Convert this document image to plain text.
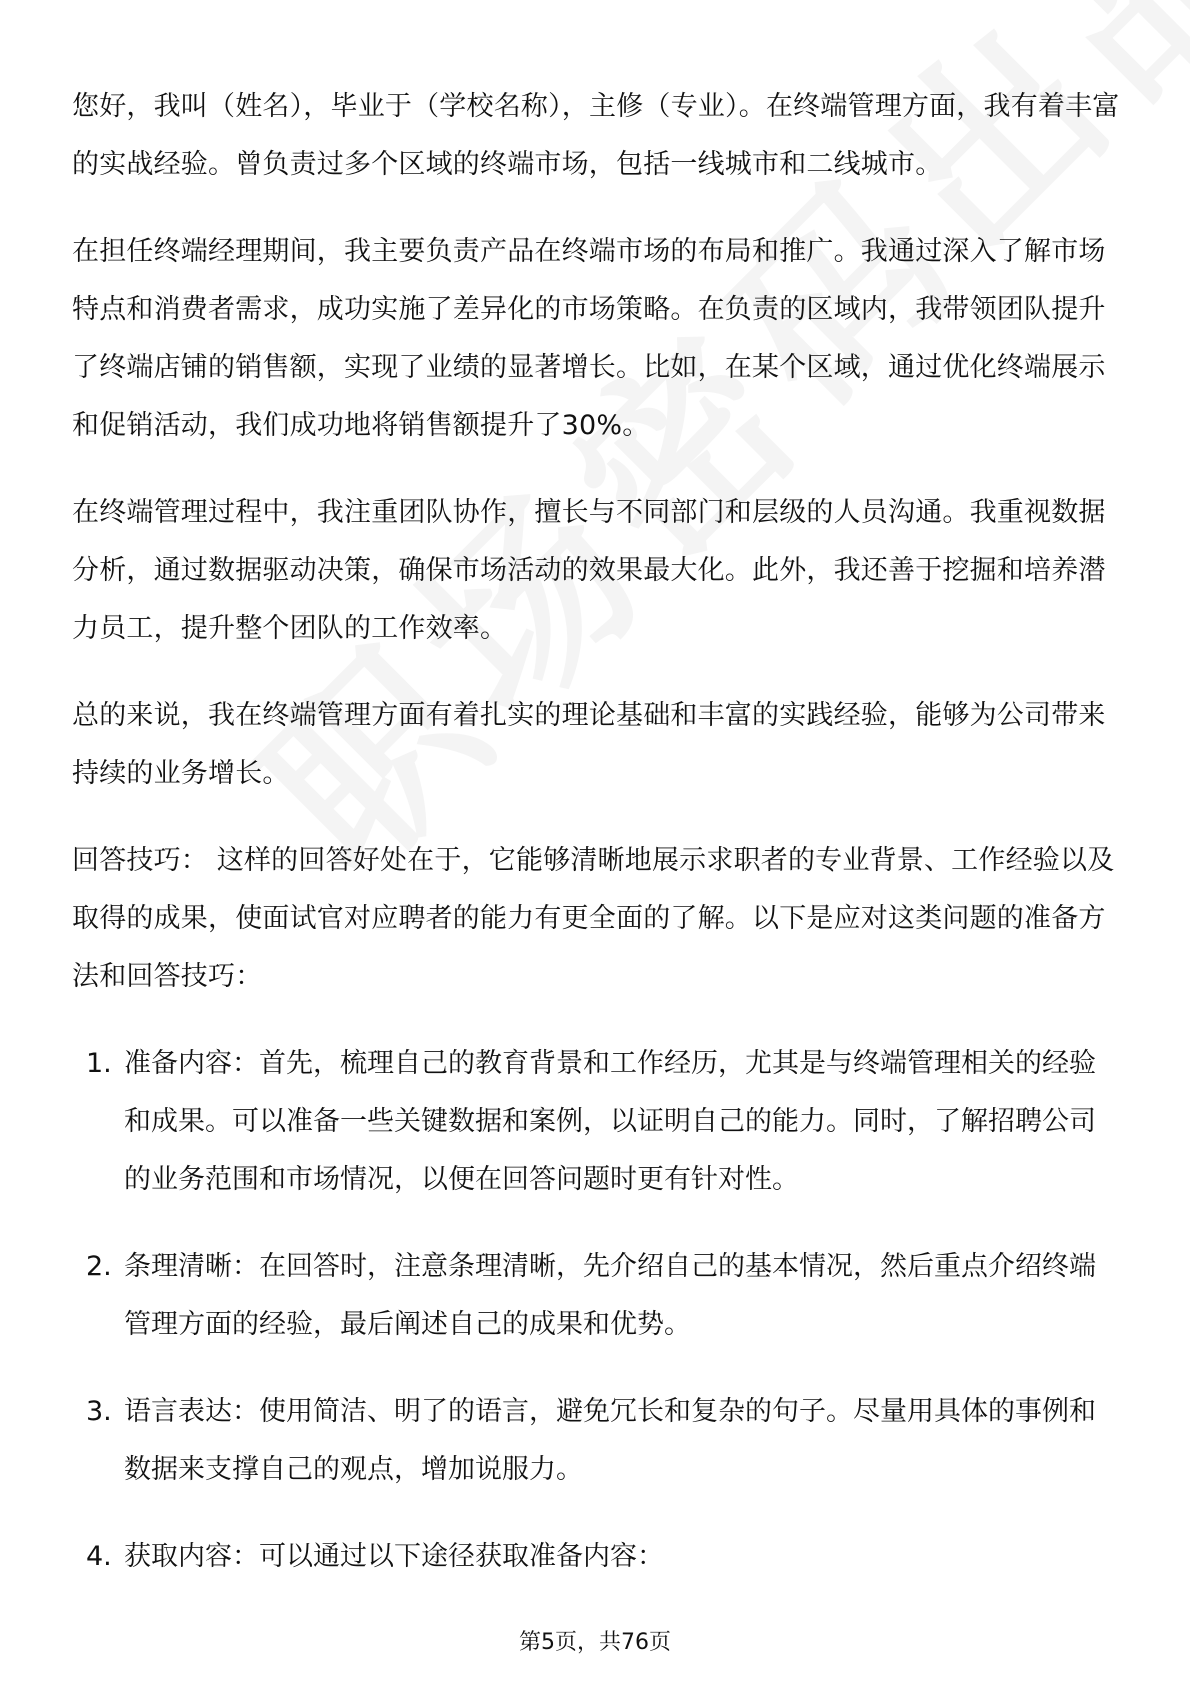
您好，我叫（姓名），毕业于（学校名称），主修（专业）。在终端管理方面，我有着丰富的实战经验。曾负责过多个区域的终端市场，包括一线城市和二线城市。

在担任终端经理期间，我主要负责产品在终端市场的布局和推广。我通过深入了解市场特点和消费者需求，成功实施了差异化的市场策略。在负责的区域内，我带领团队提升了终端店铺的销售额，实现了业绩的显著增长。比如，在某个区域，通过优化终端展示和促销活动，我们成功地将销售额提升了30%。

在终端管理过程中，我注重团队协作，擅长与不同部门和层级的人员沟通。我重视数据分析，通过数据驱动决策，确保市场活动的效果最大化。此外，我还善于挖掘和培养潜力员工，提升整个团队的工作效率。

总的来说，我在终端管理方面有着扎实的理论基础和丰富的实践经验，能够为公司带来持续的业务增长。

回答技巧： 这样的回答好处在于，它能够清晰地展示求职者的专业背景、工作经验以及取得的成果，使面试官对应聘者的能力有更全面的了解。以下是应对这类问题的准备方法和回答技巧：

1. 准备内容：首先，梳理自己的教育背景和工作经历，尤其是与终端管理相关的经验和成果。可以准备一些关键数据和案例，以证明自己的能力。同时，了解招聘公司的业务范围和市场情况，以便在回答问题时更有针对性。
2. 条理清晰：在回答时，注意条理清晰，先介绍自己的基本情况，然后重点介绍终端管理方面的经验，最后阐述自己的成果和优势。
3. 语言表达：使用简洁、明了的语言，避免冗长和复杂的句子。尽量用具体的事例和数据来支撑自己的观点，增加说服力。
4. 获取内容：可以通过以下途径获取准备内容：
第5页，共76页
